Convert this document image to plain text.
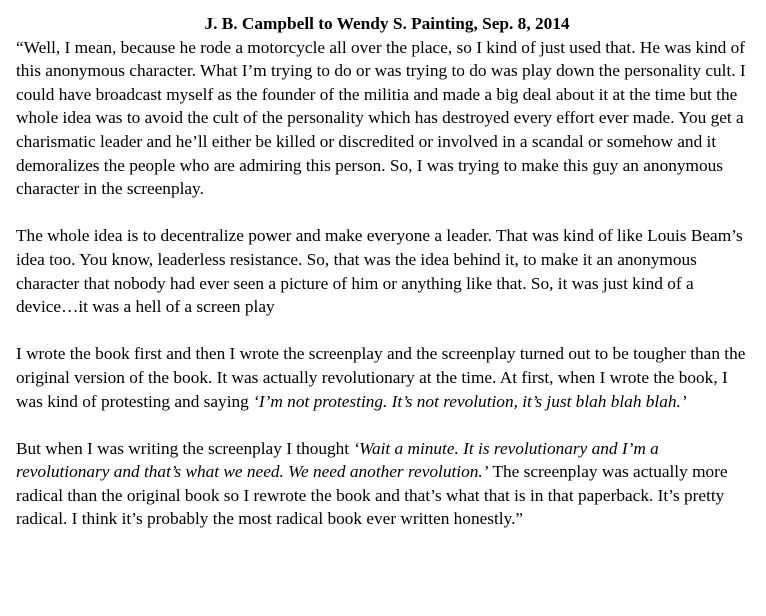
J. B. Campbell to Wendy S. Painting, Sep. 8, 2014

“Well, I mean, because he rode a motorcycle all over the place, so I kind of just used that. He was kind of this anonymous character. What I’m trying to do or was trying to do was play down the personality cult. I could have broadcast myself as the founder of the militia and made a big deal about it at the time but the whole idea was to avoid the cult of the personality which has destroyed every effort ever made. You get a charismatic leader and he’ll either be killed or discredited or involved in a scandal or somehow and it demoralizes the people who are admiring this person. So, I was trying to make this guy an anonymous character in the screenplay.

The whole idea is to decentralize power and make everyone a leader. That was kind of like Louis Beam’s idea too. You know, leaderless resistance. So, that was the idea behind it, to make it an anonymous character that nobody had ever seen a picture of him or anything like that. So, it was just kind of a device…it was a hell of a screen play

I wrote the book first and then I wrote the screenplay and the screenplay turned out to be tougher than the original version of the book. It was actually revolutionary at the time. At first, when I wrote the book, I was kind of protesting and saying ‘I’m not protesting. It’s not revolution, it’s just blah blah blah.’

But when I was writing the screenplay I thought ‘Wait a minute. It is revolutionary and I’m a revolutionary and that’s what we need. We need another revolution.’ The screenplay was actually more radical than the original book so I rewrote the book and that’s what that is in that paperback. It’s pretty radical. I think it’s probably the most radical book ever written honestly.”
